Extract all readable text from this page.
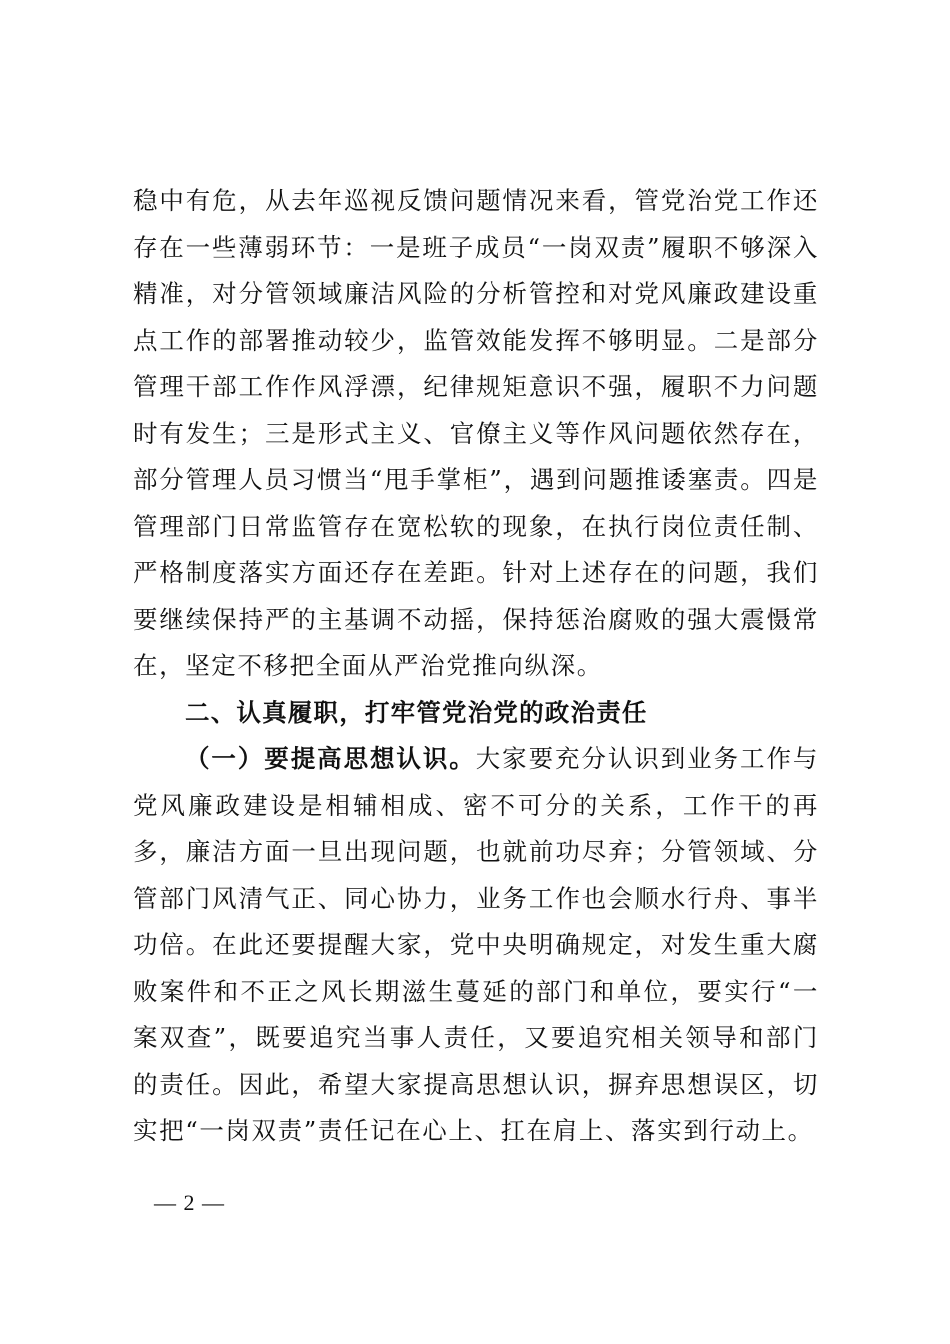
稳中有危，从去年巡视反馈问题情况来看，管党治党工作还存在一些薄弱环节：一是班子成员“一岗双责”履职不够深入精准，对分管领域廉洁风险的分析管控和对党风廉政建设重点工作的部署推动较少，监管效能发挥不够明显。二是部分管理干部工作作风浮漂，纪律规矩意识不强，履职不力问题时有发生；三是形式主义、官僚主义等作风问题依然存在，部分管理人员习惯当“甩手掌柜”，遇到问题推诿塞责。四是管理部门日常监管存在宽松软的现象，在执行岗位责任制、严格制度落实方面还存在差距。针对上述存在的问题，我们要继续保持严的主基调不动摇，保持惩治腐败的强大震慑常在，坚定不移把全面从严治党推向纵深。

二、认真履职，打牢管党治党的政治责任

（一）要提高思想认识。大家要充分认识到业务工作与党风廉政建设是相辅相成、密不可分的关系，工作干的再多，廉洁方面一旦出现问题，也就前功尽弃；分管领域、分管部门风清气正、同心协力，业务工作也会顺水行舟、事半功倍。在此还要提醒大家，党中央明确规定，对发生重大腐败案件和不正之风长期滋生蔓延的部门和单位，要实行“一案双查”，既要追究当事人责任，又要追究相关领导和部门的责任。因此，希望大家提高思想认识，摒弃思想误区，切实把“一岗双责”责任记在心上、扛在肩上、落实到行动上。

— 2 —
